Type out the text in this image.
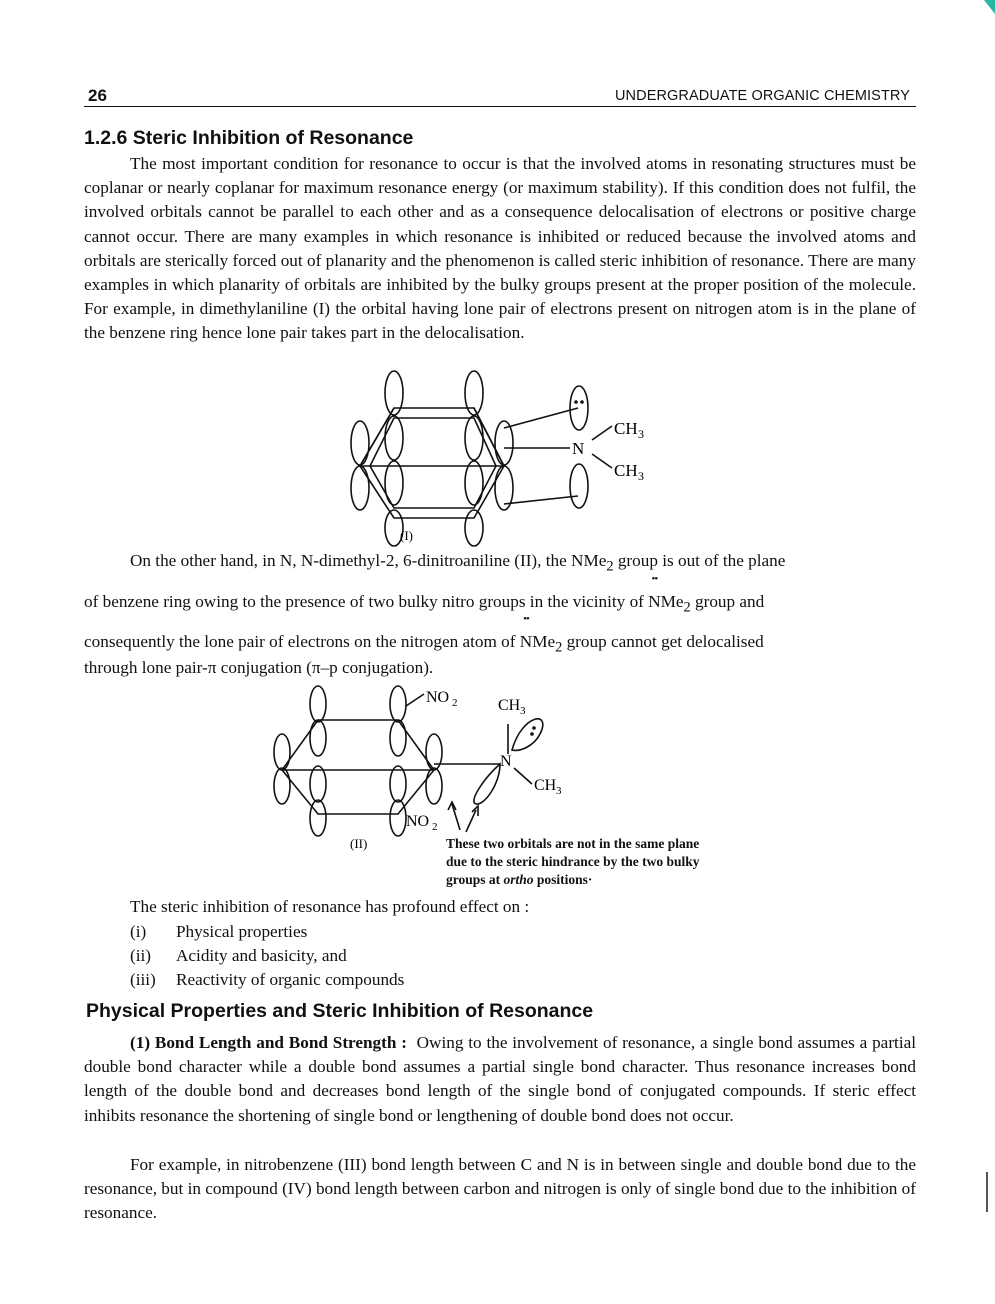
26	UNDERGRADUATE ORGANIC CHEMISTRY
1.2.6 Steric Inhibition of Resonance

The most important condition for resonance to occur is that the involved atoms in resonating structures must be coplanar or nearly coplanar for maximum resonance energy (or maximum stability). If this condition does not fulfil, the involved orbitals cannot be parallel to each other and as a consequence delocalisation of electrons or positive charge cannot occur. There are many examples in which resonance is inhibited or reduced because the involved atoms and orbitals are sterically forced out of planarity and the phenomenon is called steric inhibition of resonance. There are many examples in which planarity of orbitals are inhibited by the bulky groups present at the proper position of the molecule. For example, in dimethylaniline (I) the orbital having lone pair of electrons present on nitrogen atom is in the plane of the benzene ring hence lone pair takes part in the delocalisation.

N
CH 3
CH 3
(I)

On the other hand, in N, N-dimethyl-2, 6-dinitroaniline (II), the NMe$_2$ group is out of the plane

of benzene ring owing to the presence of two bulky nitro groups in the vicinity of •• NMe$_2$ group and

consequently the lone pair of electrons on the nitrogen atom of •• NMe$_2$ group cannot get delocalised

through lone pair-π conjugation (π–p conjugation).

NO 2	CH 3
N
CH 3
NO 2
(II)	These two orbitals are not in the same plane
due to the steric hindrance by the two bulky
groups at ortho positions·

The steric inhibition of resonance has profound effect on :

(i)	Physical properties
(ii)	Acidity and basicity, and
(iii)	Reactivity of organic compounds
Physical Properties and Steric Inhibition of Resonance

(1) Bond Length and Bond Strength : Owing to the involvement of resonance, a single bond assumes a partial double bond character while a double bond assumes a partial single bond character. Thus resonance increases bond length of the double bond and decreases bond length of the single bond of conjugated compounds. If steric effect inhibits resonance the shortening of single bond or lengthening of double bond does not occur.

For example, in nitrobenzene (III) bond length between C and N is in between single and double bond due to the resonance, but in compound (IV) bond length between carbon and nitrogen is only of single bond due to the inhibition of resonance.
